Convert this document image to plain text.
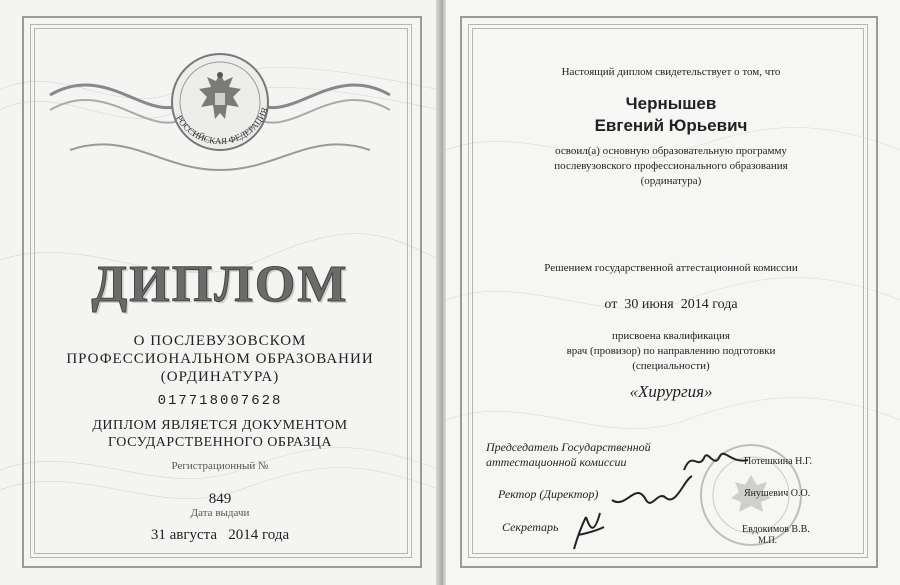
РОССИЙСКАЯ ФЕДЕРАЦИЯ
ДИПЛОМ
О ПОСЛЕВУЗОВСКОМ
ПРОФЕССИОНАЛЬНОМ ОБРАЗОВАНИИ
(ОРДИНАТУРА)
017718007628
ДИПЛОМ ЯВЛЯЕТСЯ ДОКУМЕНТОМ
ГОСУДАРСТВЕННОГО ОБРАЗЦА
Регистрационный №
849
Дата выдачи
31 августа   2014 года
Настоящий диплом свидетельствует о том, что
Чернышев
Евгений Юрьевич
освоил(а) основную образовательную программу
послевузовского профессионального образования
(ординатура)
Решением государственной аттестационной комиссии
от  30 июня  2014 года
присвоена квалификация
врач (провизор) по направлению подготовки
(специальности)
«Хирургия»
Председатель Государственной
аттестационной комиссии	Потешкина Н.Г.
Ректор (Директор)	Янушевич О.О.
Секретарь	Евдокимов В.В.
М.П.
